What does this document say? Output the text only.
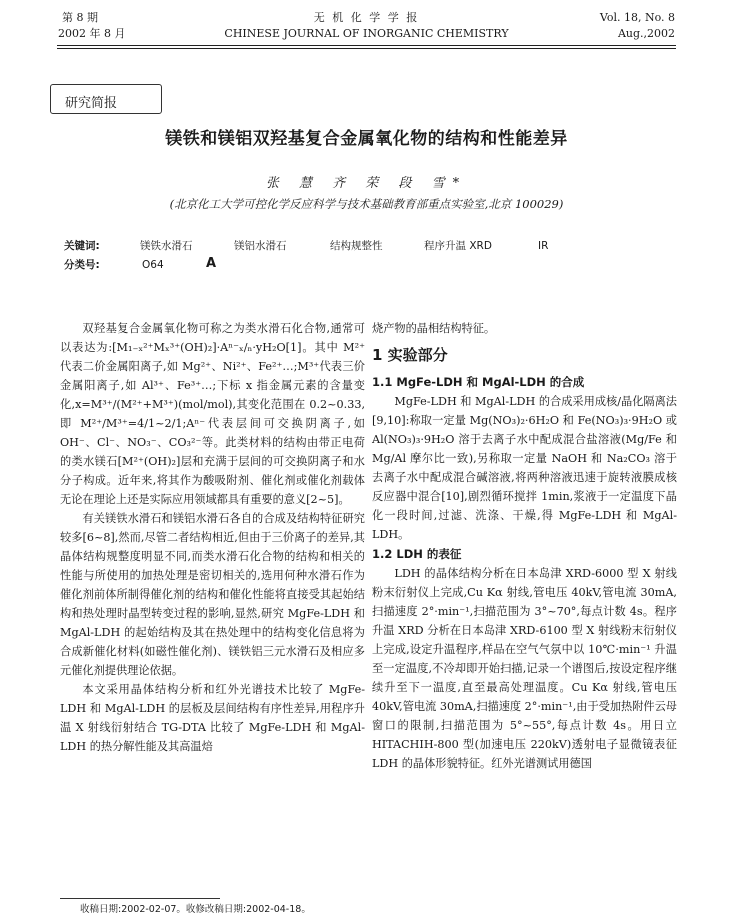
第 8 期
2002 年 8 月
无 机 化 学 学 报
CHINESE JOURNAL OF INORGANIC CHEMISTRY
Vol. 18, No. 8
Aug.,2002
研究简报
镁铁和镁铝双羟基复合金属氧化物的结构和性能差异
张 慧 齐 荣 段 雪*
(北京化工大学可控化学反应科学与技术基础教育部重点实验室,北京 100029)
关键词:	镁铁水滑石	镁铝水滑石	结构规整性	程序升温 XRD	IR
分类号:	O64	A

双羟基复合金属氧化物可称之为类水滑石化合物,通常可以表达为:[M₁₋ₓ²⁺Mₓ³⁺(OH)₂]·Aⁿ⁻ₓ/ₙ·yH₂O[1]。其中 M²⁺代表二价金属阳离子,如 Mg²⁺、Ni²⁺、Fe²⁺…;M³⁺代表三价金属阳离子,如 Al³⁺、Fe³⁺…;下标 x 指金属元素的含量变化,x=M³⁺/(M²⁺+M³⁺)(mol/mol),其变化范围在 0.2~0.33,即 M²⁺/M³⁺=4/1~2/1;Aⁿ⁻代表层间可交换阴离子,如 OH⁻、Cl⁻、NO₃⁻、CO₃²⁻等。此类材料的结构由带正电荷的类水镁石[M²⁺(OH)₂]层和充满于层间的可交换阴离子和水分子构成。近年来,将其作为酸吸附剂、催化剂或催化剂载体无论在理论上还是实际应用领域都具有重要的意义[2~5]。

有关镁铁水滑石和镁铝水滑石各自的合成及结构特征研究较多[6~8],然而,尽管二者结构相近,但由于三价离子的差异,其晶体结构规整度明显不同,而类水滑石化合物的结构和相关的性能与所使用的加热处理是密切相关的,选用何种水滑石作为催化剂前体所制得催化剂的结构和催化性能将直接受其起始结构和热处理时晶型转变过程的影响,显然,研究 MgFe-LDH 和 MgAl-LDH 的起始结构及其在热处理中的结构变化信息将为合成新催化材料(如磁性催化剂)、镁铁铝三元水滑石及相应多元催化剂提供理论依据。

本文采用晶体结构分析和红外光谱技术比较了 MgFe-LDH 和 MgAl-LDH 的层板及层间结构有序性差异,用程序升温 X 射线衍射结合 TG-DTA 比较了 MgFe-LDH 和 MgAl-LDH 的热分解性能及其高温焙

烧产物的晶相结构特征。

1 实验部分
1.1 MgFe-LDH 和 MgAl-LDH 的合成

MgFe-LDH 和 MgAl-LDH 的合成采用成核/晶化隔离法[9,10]:称取一定量 Mg(NO₃)₂·6H₂O 和 Fe(NO₃)₃·9H₂O 或 Al(NO₃)₃·9H₂O 溶于去离子水中配成混合盐溶液(Mg/Fe 和 Mg/Al 摩尔比一致),另称取一定量 NaOH 和 Na₂CO₃ 溶于去离子水中配成混合碱溶液,将两种溶液迅速于旋转液膜成核反应器中混合[10],剧烈循环搅拌 1min,浆液于一定温度下晶化一段时间,过滤、洗涤、干燥,得 MgFe-LDH 和 MgAl-LDH。

1.2 LDH 的表征

LDH 的晶体结构分析在日本岛津 XRD-6000 型 X 射线粉末衍射仪上完成,Cu Kα 射线,管电压 40kV,管电流 30mA,扫描速度 2°·min⁻¹,扫描范围为 3°~70°,每点计数 4s。程序升温 XRD 分析在日本岛津 XRD-6100 型 X 射线粉末衍射仪上完成,设定升温程序,样品在空气气氛中以 10℃·min⁻¹ 升温至一定温度,不冷却即开始扫描,记录一个谱图后,按设定程序继续升至下一温度,直至最高处理温度。Cu Kα 射线,管电压 40kV,管电流 30mA,扫描速度 2°·min⁻¹,由于受加热附件云母窗口的限制,扫描范围为 5°~55°,每点计数 4s。用日立 HITACHIH-800 型(加速电压 220kV)透射电子显微镜表征 LDH 的晶体形貌特征。红外光谱测试用德国

收稿日期:2002-02-07。收修改稿日期:2002-04-18。
